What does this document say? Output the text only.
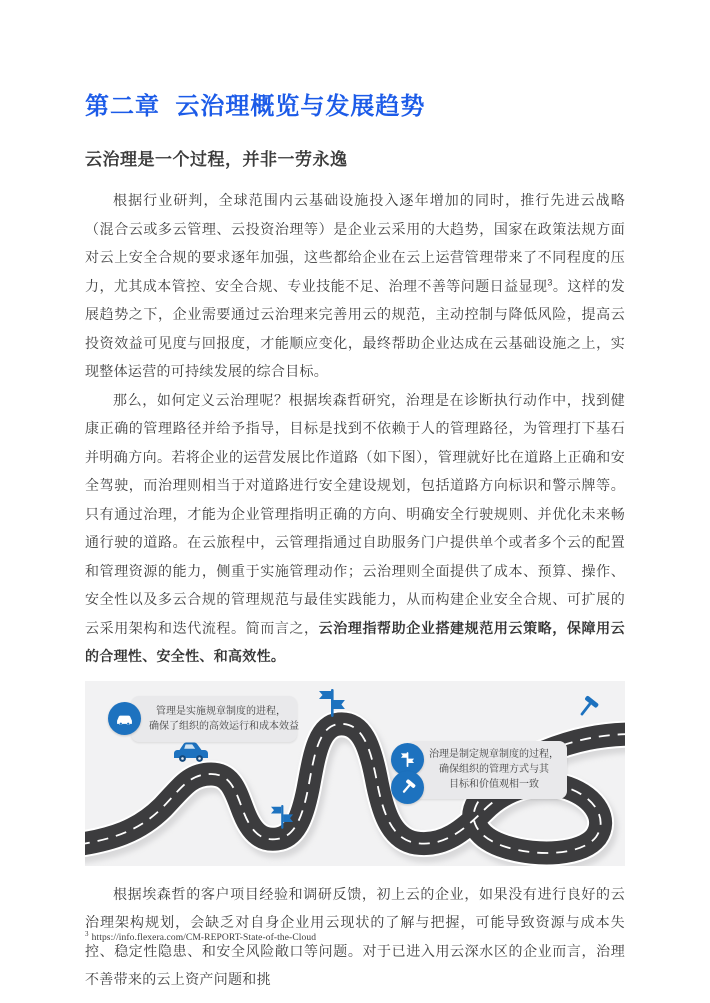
第二章  云治理概览与发展趋势
云治理是一个过程，并非一劳永逸

根据行业研判，全球范围内云基础设施投入逐年增加的同时，推行先进云战略（混合云或多云管理、云投资治理等）是企业云采用的大趋势，国家在政策法规方面对云上安全合规的要求逐年加强，这些都给企业在云上运营管理带来了不同程度的压力，尤其成本管控、安全合规、专业技能不足、治理不善等问题日益显现$^3$。这样的发展趋势之下，企业需要通过云治理来完善用云的规范，主动控制与降低风险，提高云投资效益可见度与回报度，才能顺应变化，最终帮助企业达成在云基础设施之上，实现整体运营的可持续发展的综合目标。

那么，如何定义云治理呢？根据埃森哲研究，治理是在诊断执行动作中，找到健康正确的管理路径并给予指导，目标是找到不依赖于人的管理路径，为管理打下基石并明确方向。若将企业的运营发展比作道路（如下图），管理就好比在道路上正确和安全驾驶，而治理则相当于对道路进行安全建设规划，包括道路方向标识和警示牌等。只有通过治理，才能为企业管理指明正确的方向、明确安全行驶规则、并优化未来畅通行驶的道路。在云旅程中，云管理指通过自助服务门户提供单个或者多个云的配置和管理资源的能力，侧重于实施管理动作；云治理则全面提供了成本、预算、操作、安全性以及多云合规的管理规范与最佳实践能力，从而构建企业安全合规、可扩展的云采用架构和迭代流程。简而言之，云治理指帮助企业搭建规范用云策略，保障用云的合理性、安全性、和高效性。

管理是实施规章制度的进程，
确保了组织的高效运行和成本效益
治理是制定规章制度的过程，
确保组织的管理方式与其
目标和价值观相一致

根据埃森哲的客户项目经验和调研反馈，初上云的企业，如果没有进行良好的云治理架构规划，会缺乏对自身企业用云现状的了解与把握，可能导致资源与成本失控、稳定性隐患、和安全风险敞口等问题。对于已进入用云深水区的企业而言，治理不善带来的云上资产问题和挑

$^3$ https://info.flexera.com/CM-REPORT-State-of-the-Cloud
